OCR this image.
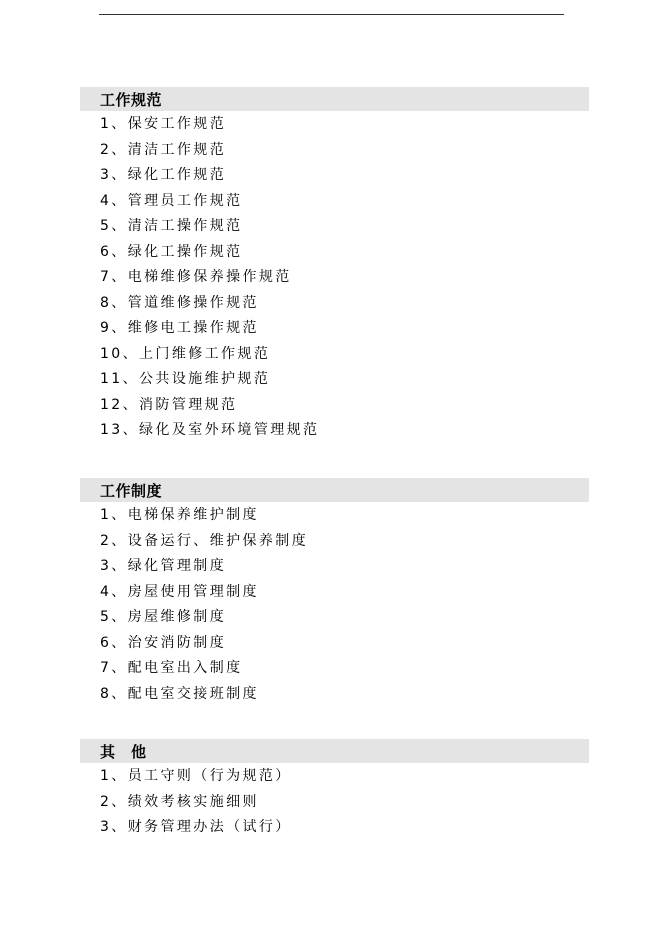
工作规范
1、保安工作规范
2、清洁工作规范
3、绿化工作规范
4、管理员工作规范
5、清洁工操作规范
6、绿化工操作规范
7、电梯维修保养操作规范
8、管道维修操作规范
9、维修电工操作规范
10、上门维修工作规范
11、公共设施维护规范
12、消防管理规范
13、绿化及室外环境管理规范
工作制度
1、电梯保养维护制度
2、设备运行、维护保养制度
3、绿化管理制度
4、房屋使用管理制度
5、房屋维修制度
6、治安消防制度
7、配电室出入制度
8、配电室交接班制度
其　他
1、员工守则（行为规范）
2、绩效考核实施细则
3、财务管理办法（试行）
